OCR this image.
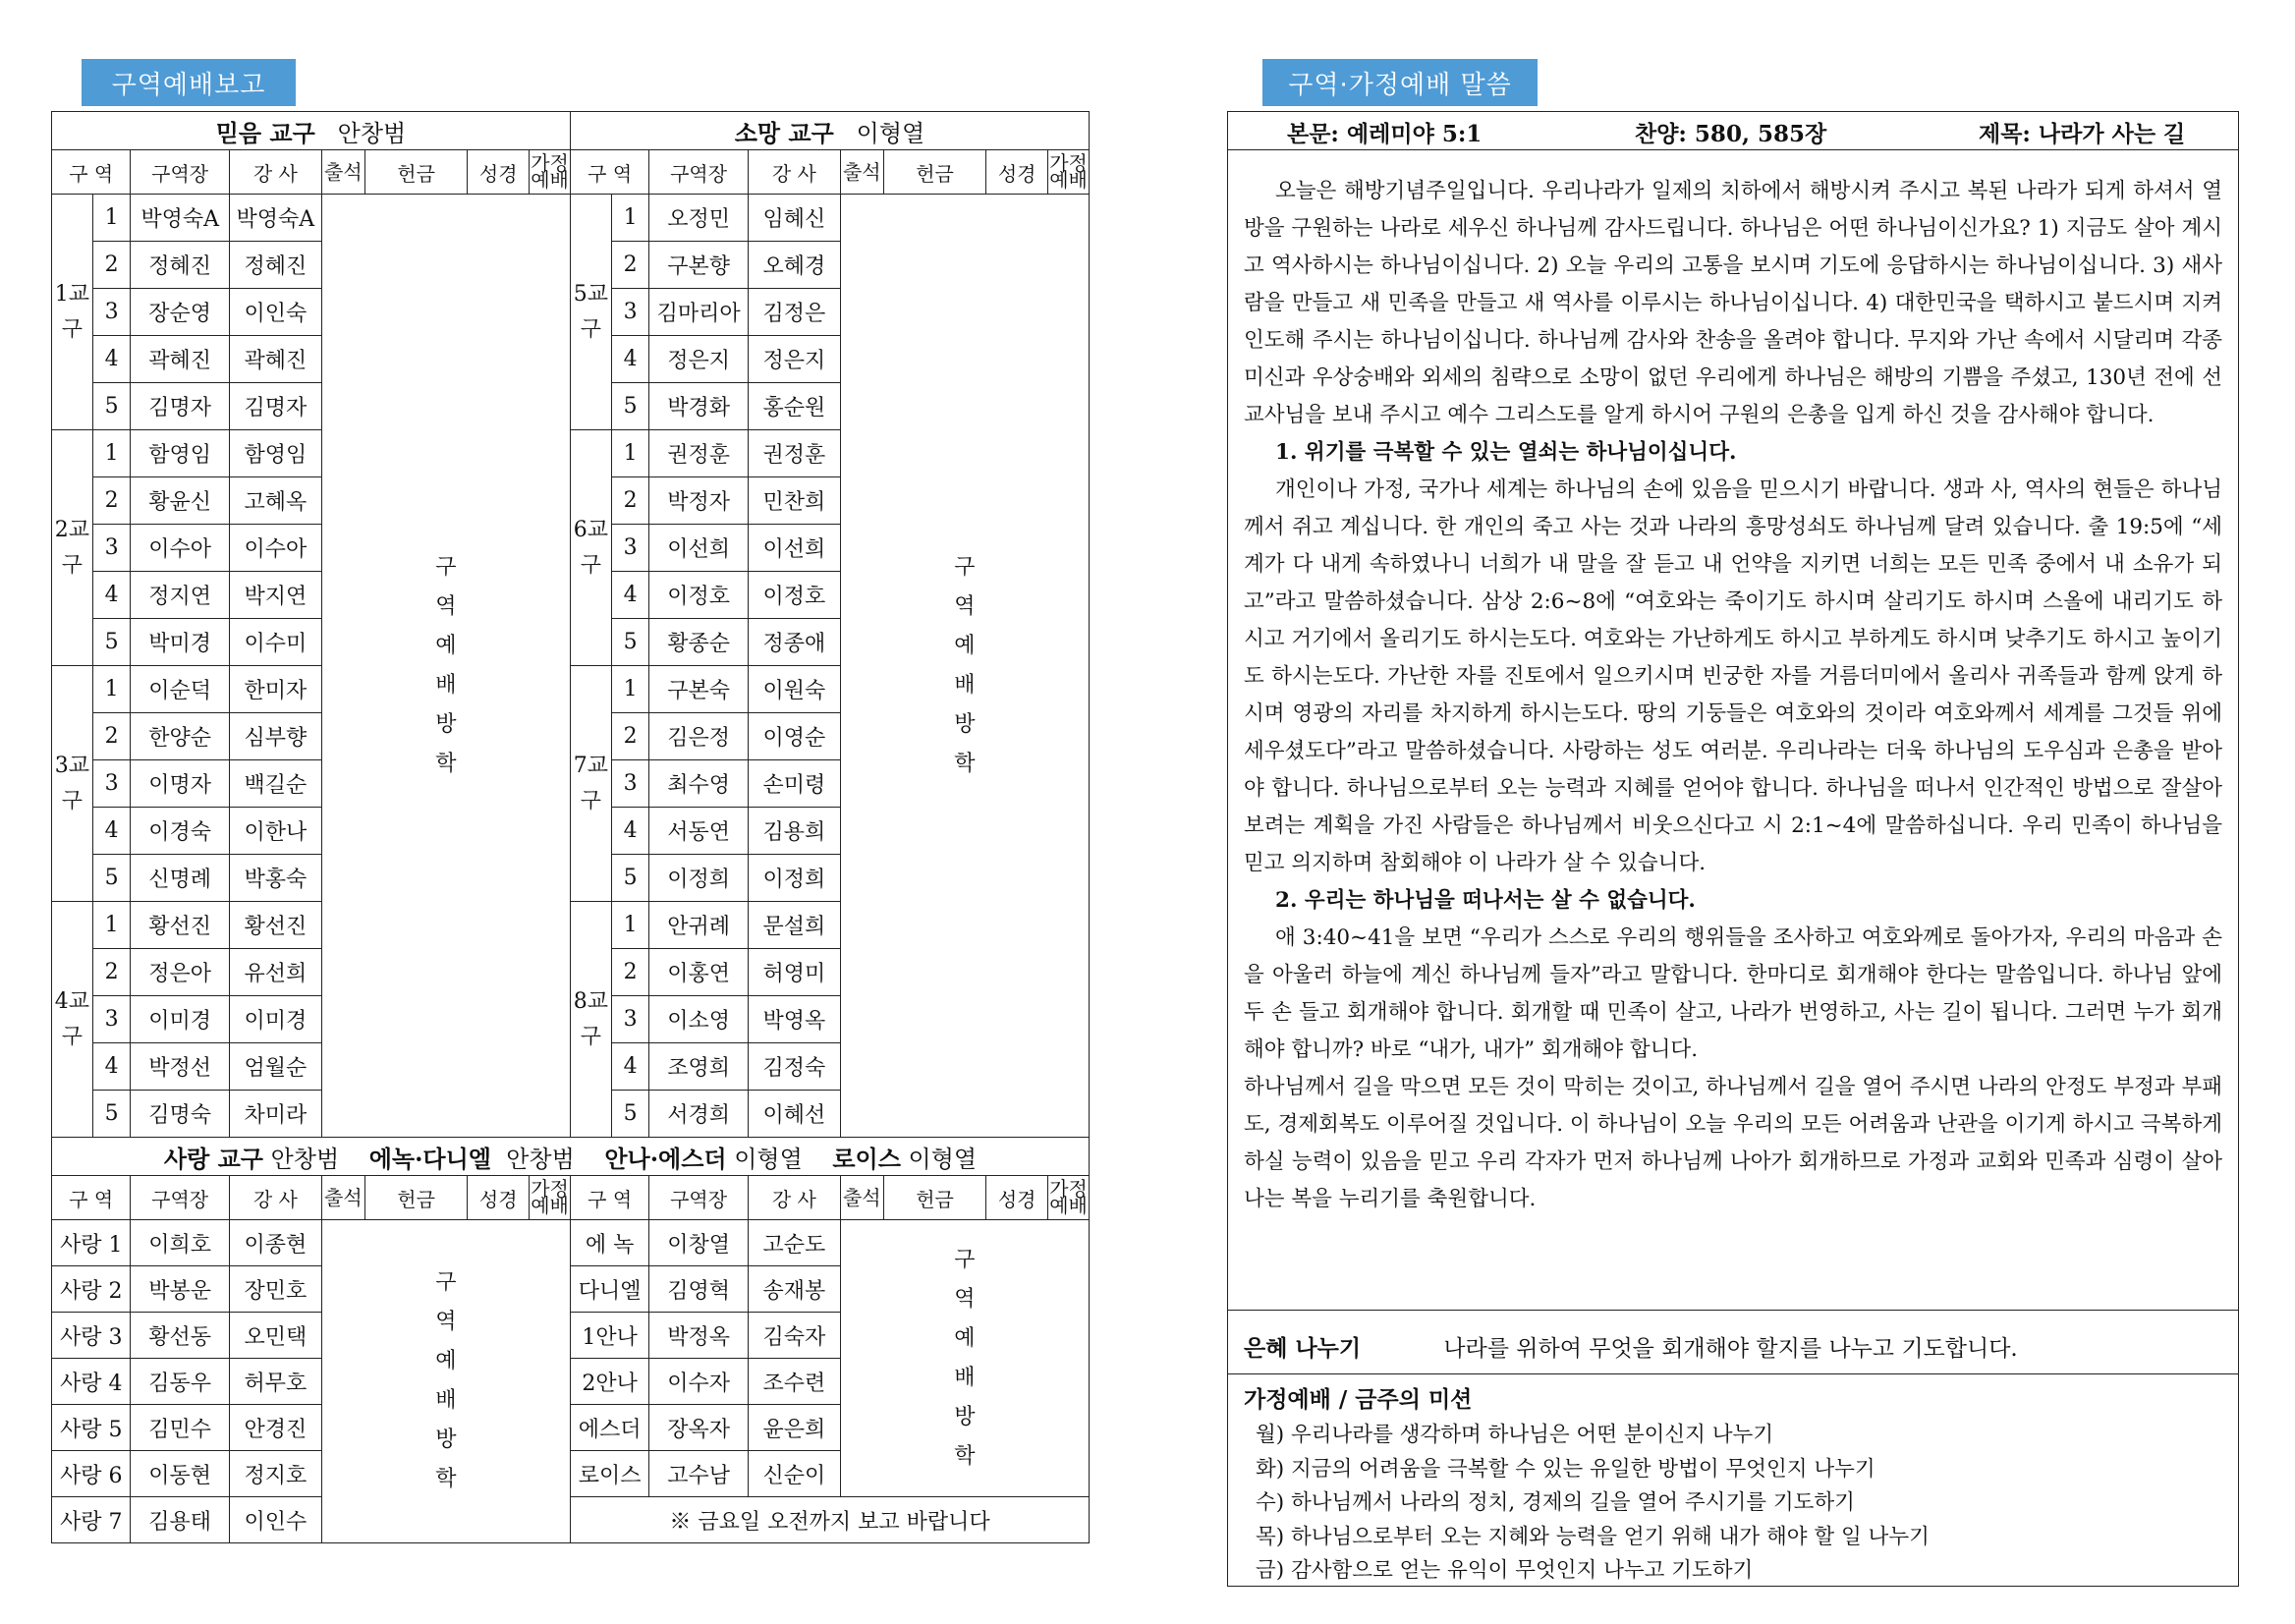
구역예배보고	구역·가정예배 말씀
믿음 교구 안창범								소망 교구 이형열							
구 역		구역장	강 사	출석	헌금	성경	가정예배	구 역		구역장	강 사	출석	헌금	성경	가정예배
1교구	1	박영숙A	박영숙A	구역예배방학				5교구	1	오정민	임혜신	구역예배방학			

	2	정혜진	정혜진						2	구본향	오혜경				
	3	장순영	이인숙						3	김마리아	김정은				
	4	곽혜진	곽혜진						4	정은지	정은지				
	5	김명자	김명자						5	박경화	홍순원				
2교구	1	함영임	함영임					6교구	1	권정훈	권정훈				
	2	황윤신	고혜옥						2	박정자	민찬희				
	3	이수아	이수아						3	이선희	이선희				
	4	정지연	박지연						4	이정호	이정호				
	5	박미경	이수미						5	황종순	정종애				
3교구	1	이순덕	한미자					7교구	1	구본숙	이원숙				
	2	한양순	심부향						2	김은정	이영순				
	3	이명자	백길순						3	최수영	손미령				
	4	이경숙	이한나						4	서동연	김용희				
	5	신명례	박홍숙						5	이정희	이정희				
4교구	1	황선진	황선진					8교구	1	안귀례	문설희				
	2	정은아	유선희						2	이홍연	허영미				
	3	이미경	이미경						3	이소영	박영옥				
	4	박정선	엄월순						4	조영희	김정숙				
	5	김명숙	차미라						5	서경희	이혜선				
사랑 교구 안창범 에녹·다니엘 안창범 안나·에스더 이형열 로이스 이형열															
구 역		구역장	강 사	출석	헌금	성경	가정예배	구 역		구역장	강 사	출석	헌금	성경	가정예배
사랑 1		이희호	이종현	구역예배방학				에 녹		이창열	고순도	구역예배방학			

사랑 2		박봉운	장민호					다니엘		김영혁	송재봉				
사랑 3		황선동	오민택					1안나		박정옥	김숙자				
사랑 4		김동우	허무호					2안나		이수자	조수련				
사랑 5		김민수	안경진					에스더		장옥자	윤은희				
사랑 6		이동현	정지호					로이스		고수남	신순이				
사랑 7		김용태	이인수					※ 금요일 오전까지 보고 바랍니다							
본문: 예레미야 5:1	찬양: 580, 585장	제목: 나라가 사는 길

오늘은 해방기념주일입니다. 우리나라가 일제의 치하에서 해방시켜 주시고 복된 나라가 되게 하셔서 열방을 구원하는 나라로 세우신 하나님께 감사드립니다. 하나님은 어떤 하나님이신가요? 1) 지금도 살아 계시고 역사하시는 하나님이십니다. 2) 오늘 우리의 고통을 보시며 기도에 응답하시는 하나님이십니다. 3) 새사람을 만들고 새 민족을 만들고 새 역사를 이루시는 하나님이십니다. 4) 대한민국을 택하시고 붙드시며 지켜 인도해 주시는 하나님이십니다. 하나님께 감사와 찬송을 올려야 합니다. 무지와 가난 속에서 시달리며 각종 미신과 우상숭배와 외세의 침략으로 소망이 없던 우리에게 하나님은 해방의 기쁨을 주셨고, 130년 전에 선교사님을 보내 주시고 예수 그리스도를 알게 하시어 구원의 은총을 입게 하신 것을 감사해야 합니다.

1. 위기를 극복할 수 있는 열쇠는 하나님이십니다.

개인이나 가정, 국가나 세계는 하나님의 손에 있음을 믿으시기 바랍니다. 생과 사, 역사의 현들은 하나님께서 쥐고 계십니다. 한 개인의 죽고 사는 것과 나라의 흥망성쇠도 하나님께 달려 있습니다. 출 19:5에 “세계가 다 내게 속하였나니 너희가 내 말을 잘 듣고 내 언약을 지키면 너희는 모든 민족 중에서 내 소유가 되고”라고 말씀하셨습니다. 삼상 2:6~8에 “여호와는 죽이기도 하시며 살리기도 하시며 스올에 내리기도 하시고 거기에서 올리기도 하시는도다. 여호와는 가난하게도 하시고 부하게도 하시며 낮추기도 하시고 높이기도 하시는도다. 가난한 자를 진토에서 일으키시며 빈궁한 자를 거름더미에서 올리사 귀족들과 함께 앉게 하시며 영광의 자리를 차지하게 하시는도다. 땅의 기둥들은 여호와의 것이라 여호와께서 세계를 그것들 위에 세우셨도다”라고 말씀하셨습니다. 사랑하는 성도 여러분. 우리나라는 더욱 하나님의 도우심과 은총을 받아야 합니다. 하나님으로부터 오는 능력과 지혜를 얻어야 합니다. 하나님을 떠나서 인간적인 방법으로 잘살아 보려는 계획을 가진 사람들은 하나님께서 비웃으신다고 시 2:1~4에 말씀하십니다. 우리 민족이 하나님을 믿고 의지하며 참회해야 이 나라가 살 수 있습니다.

2. 우리는 하나님을 떠나서는 살 수 없습니다.

애 3:40~41을 보면 “우리가 스스로 우리의 행위들을 조사하고 여호와께로 돌아가자, 우리의 마음과 손을 아울러 하늘에 계신 하나님께 들자”라고 말합니다. 한마디로 회개해야 한다는 말씀입니다. 하나님 앞에 두 손 들고 회개해야 합니다. 회개할 때 민족이 살고, 나라가 번영하고, 사는 길이 됩니다. 그러면 누가 회개해야 합니까? 바로 “내가, 내가” 회개해야 합니다.

하나님께서 길을 막으면 모든 것이 막히는 것이고, 하나님께서 길을 열어 주시면 나라의 안정도 부정과 부패도, 경제회복도 이루어질 것입니다. 이 하나님이 오늘 우리의 모든 어려움과 난관을 이기게 하시고 극복하게 하실 능력이 있음을 믿고 우리 각자가 먼저 하나님께 나아가 회개하므로 가정과 교회와 민족과 심령이 살아나는 복을 누리기를 축원합니다.

은혜 나누기	나라를 위하여 무엇을 회개해야 할지를 나누고 기도합니다.
가정예배 / 금주의 미션
월) 우리나라를 생각하며 하나님은 어떤 분이신지 나누기
화) 지금의 어려움을 극복할 수 있는 유일한 방법이 무엇인지 나누기
수) 하나님께서 나라의 정치, 경제의 길을 열어 주시기를 기도하기
목) 하나님으로부터 오는 지혜와 능력을 얻기 위해 내가 해야 할 일 나누기
금) 감사함으로 얻는 유익이 무엇인지 나누고 기도하기
